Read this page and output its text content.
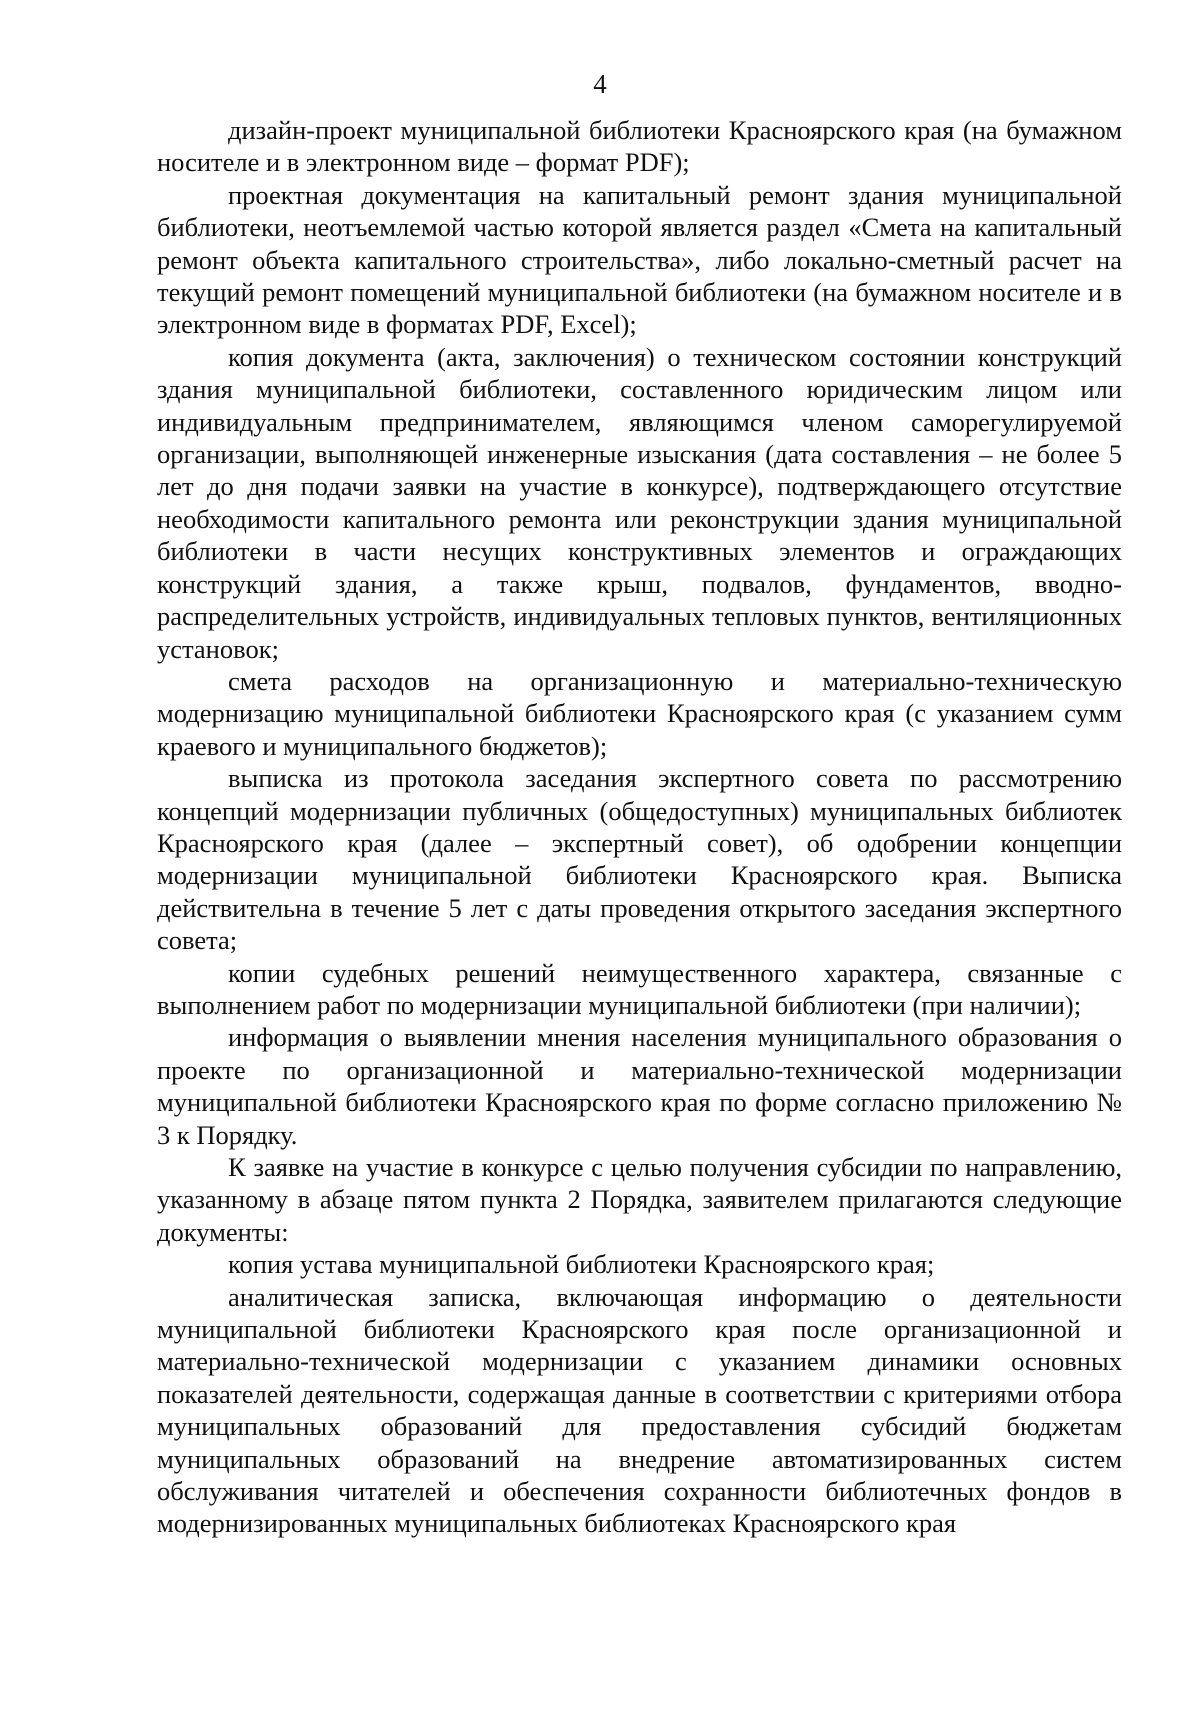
4

дизайн-проект муниципальной библиотеки Красноярского края (на бумажном носителе и в электронном виде – формат PDF);

проектная документация на капитальный ремонт здания муниципальной библиотеки, неотъемлемой частью которой является раздел «Смета на капитальный ремонт объекта капитального строительства», либо локально-сметный расчет на текущий ремонт помещений муниципальной библиотеки (на бумажном носителе и в электронном виде в форматах PDF, Excel);

копия документа (акта, заключения) о техническом состоянии конструкций здания муниципальной библиотеки, составленного юридическим лицом или индивидуальным предпринимателем, являющимся членом саморегулируемой организации, выполняющей инженерные изыскания (дата составления – не более 5 лет до дня подачи заявки на участие в конкурсе), подтверждающего отсутствие необходимости капитального ремонта или реконструкции здания муниципальной библиотеки в части несущих конструктивных элементов и ограждающих конструкций здания, а также крыш, подвалов, фундаментов, вводно-распределительных устройств, индивидуальных тепловых пунктов, вентиляционных установок;

смета расходов на организационную и материально-техническую модернизацию муниципальной библиотеки Красноярского края (с указанием сумм краевого и муниципального бюджетов);

выписка из протокола заседания экспертного совета по рассмотрению концепций модернизации публичных (общедоступных) муниципальных библиотек Красноярского края (далее – экспертный совет), об одобрении концепции модернизации муниципальной библиотеки Красноярского края. Выписка действительна в течение 5 лет с даты проведения открытого заседания экспертного совета;

копии судебных решений неимущественного характера, связанные с выполнением работ по модернизации муниципальной библиотеки (при наличии);

информация о выявлении мнения населения муниципального образования о проекте по организационной и материально-технической модернизации муниципальной библиотеки Красноярского края по форме согласно приложению № 3 к Порядку.

К заявке на участие в конкурсе с целью получения субсидии по направлению, указанному в абзаце пятом пункта 2 Порядка, заявителем прилагаются следующие документы:

копия устава муниципальной библиотеки Красноярского края;

аналитическая записка, включающая информацию о деятельности муниципальной библиотеки Красноярского края после организационной и материально-технической модернизации с указанием динамики основных показателей деятельности, содержащая данные в соответствии с критериями отбора муниципальных образований для предоставления субсидий бюджетам муниципальных образований на внедрение автоматизированных систем обслуживания читателей и обеспечения сохранности библиотечных фондов в модернизированных муниципальных библиотеках Красноярского края
